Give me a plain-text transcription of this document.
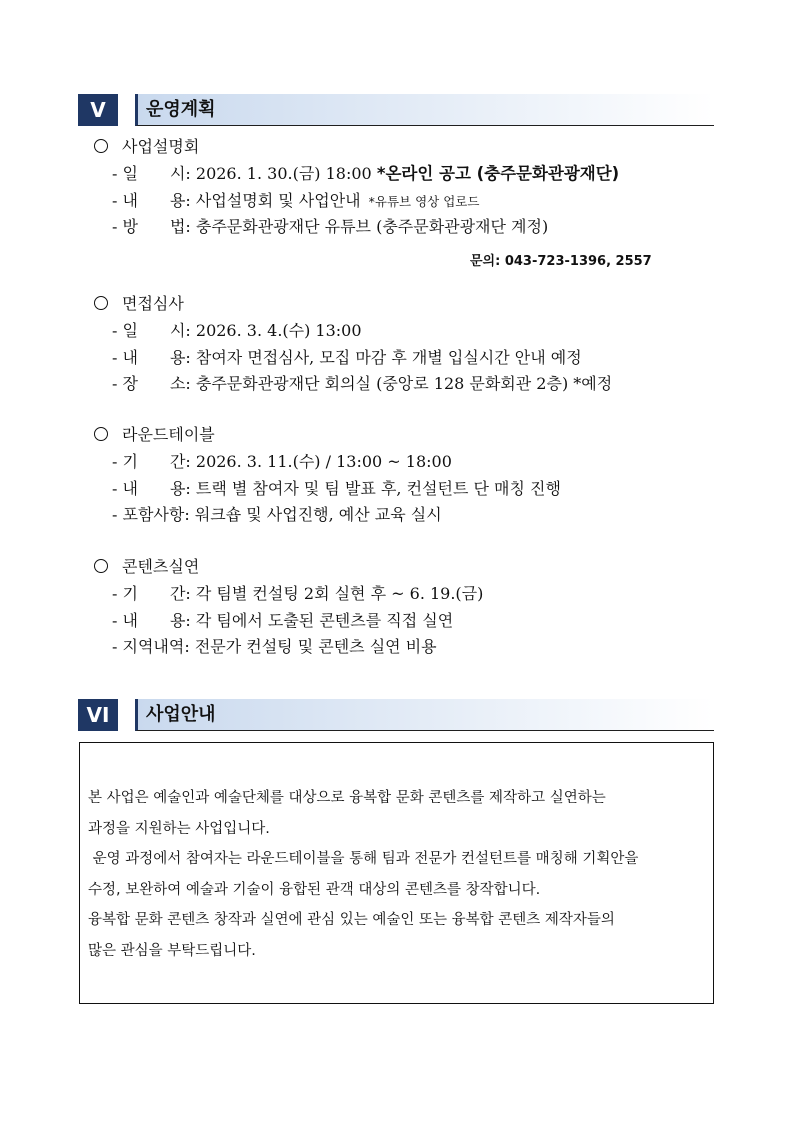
V	운영계획
사업설명회
- 일　　시: 2026. 1. 30.(금) 18:00 *온라인 공고 (충주문화관광재단)
- 내　　용: 사업설명회 및 사업안내 *유튜브 영상 업로드
- 방　　법: 충주문화관광재단 유튜브 (충주문화관광재단 계정)
문의: 043-723-1396, 2557
면접심사
- 일　　시: 2026. 3. 4.(수) 13:00
- 내　　용: 참여자 면접심사, 모집 마감 후 개별 입실시간 안내 예정
- 장　　소: 충주문화관광재단 회의실 (중앙로 128 문화회관 2층) *예정
라운드테이블
- 기　　간: 2026. 3. 11.(수) / 13:00 ~ 18:00
- 내　　용: 트랙 별 참여자 및 팀 발표 후, 컨설턴트 단 매칭 진행
- 포함사항: 워크숍 및 사업진행, 예산 교육 실시
콘텐츠실연
- 기　　간: 각 팀별 컨설팅 2회 실현 후 ~ 6. 19.(금)
- 내　　용: 각 팀에서 도출된 콘텐츠를 직접 실연
- 지역내역: 전문가 컨설팅 및 콘텐츠 실연 비용
VI	사업안내

본 사업은 예술인과 예술단체를 대상으로 융복합 문화 콘텐츠를 제작하고 실연하는

과정을 지원하는 사업입니다.

운영 과정에서 참여자는 라운드테이블을 통해 팀과 전문가 컨설턴트를 매칭해 기획안을

수정, 보완하여 예술과 기술이 융합된 관객 대상의 콘텐츠를 창작합니다.

융복합 문화 콘텐츠 창작과 실연에 관심 있는 예술인 또는 융복합 콘텐츠 제작자들의

많은 관심을 부탁드립니다.
